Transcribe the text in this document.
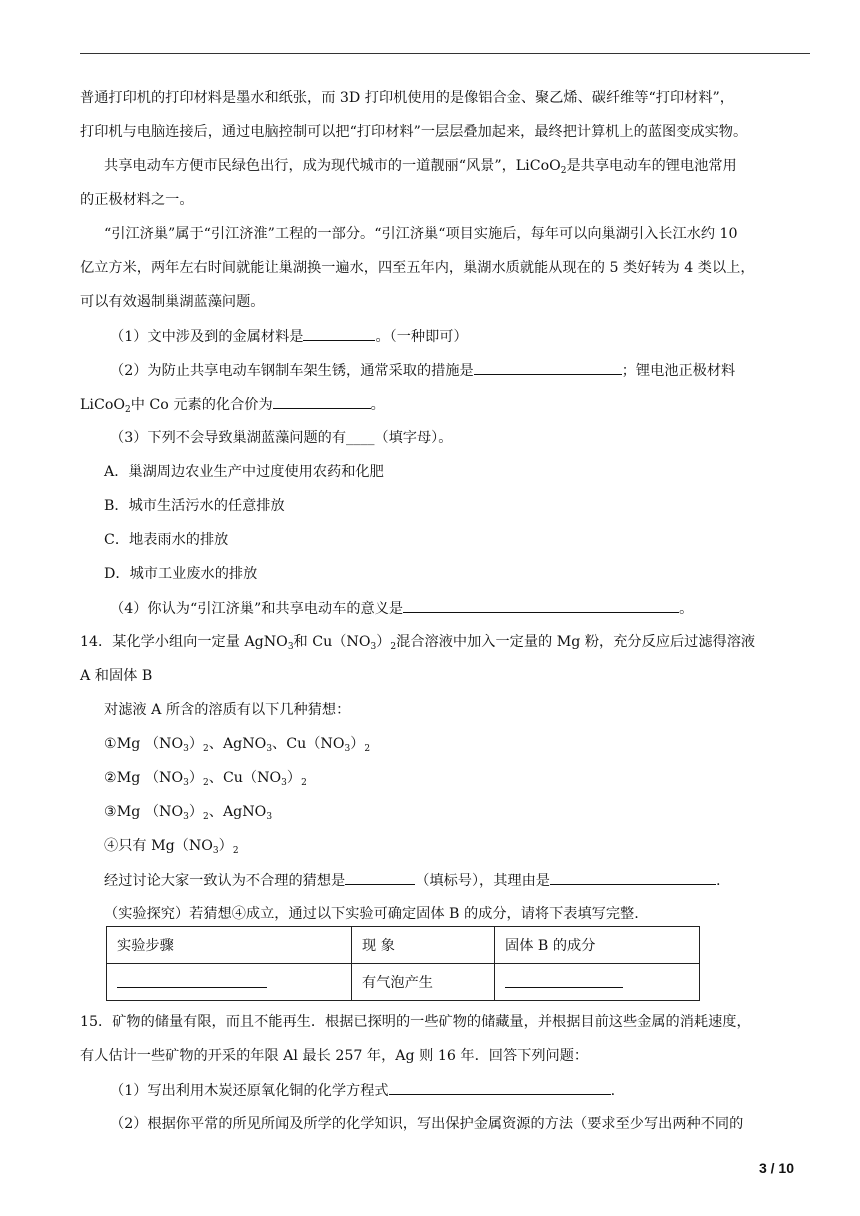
普通打印机的打印材料是墨水和纸张，而 3D 打印机使用的是像铝合金、聚乙烯、碳纤维等“打印材料”，
打印机与电脑连接后，通过电脑控制可以把“打印材料”一层层叠加起来，最终把计算机上的蓝图变成实物。
共享电动车方便市民绿色出行，成为现代城市的一道靓丽“风景”，LiCoO$_2$是共享电动车的锂电池常用
的正极材料之一。
“引江济巢”属于“引江济淮”工程的一部分。“引江济巢“项目实施后，每年可以向巢湖引入长江水约 10
亿立方米，两年左右时间就能让巢湖换一遍水，四至五年内，巢湖水质就能从现在的 5 类好转为 4 类以上，
可以有效遏制巢湖蓝藻问题。
（1）文中涉及到的金属材料是	。（一种即可）
（2）为防止共享电动车钢制车架生锈，通常采取的措施是	；锂电池正极材料
LiCoO$_2$中 Co 元素的化合价为	。
（3）下列不会导致巢湖蓝藻问题的有____（填字母）。
A．巢湖周边农业生产中过度使用农药和化肥
B．城市生活污水的任意排放
C．地表雨水的排放
D．城市工业废水的排放
（4）你认为“引江济巢”和共享电动车的意义是	。
14．某化学小组向一定量 AgNO$_3$和 $Cu(NO_3)_2$混合溶液中加入一定量的 Mg 粉，充分反应后过滤得溶液
A 和固体 B
对滤液 A 所含的溶质有以下几种猜想：
①Mg $(NO_3)_2$、AgNO$_3$、$Cu(NO_3)_2$
②Mg $(NO_3)_2$、$Cu(NO_3)_2$
③Mg $(NO_3)_2$、AgNO$_3$
④只有 $Mg(NO_3)_2$
经过讨论大家一致认为不合理的猜想是	（填标号），其理由是	.
（实验探究）若猜想④成立，通过以下实验可确定固体 B 的成分，请将下表填写完整.
实验步骤	现 象	固体 B 的成分
	有气泡产生	
15．矿物的储量有限，而且不能再生．根据已探明的一些矿物的储藏量，并根据目前这些金属的消耗速度，
有人估计一些矿物的开采的年限 Al 最长 257 年，Ag 则 16 年．回答下列问题：
（1）写出利用木炭还原氧化铜的化学方程式	.
（2）根据你平常的所见所闻及所学的化学知识，写出保护金属资源的方法（要求至少写出两种不同的
3 / 10
